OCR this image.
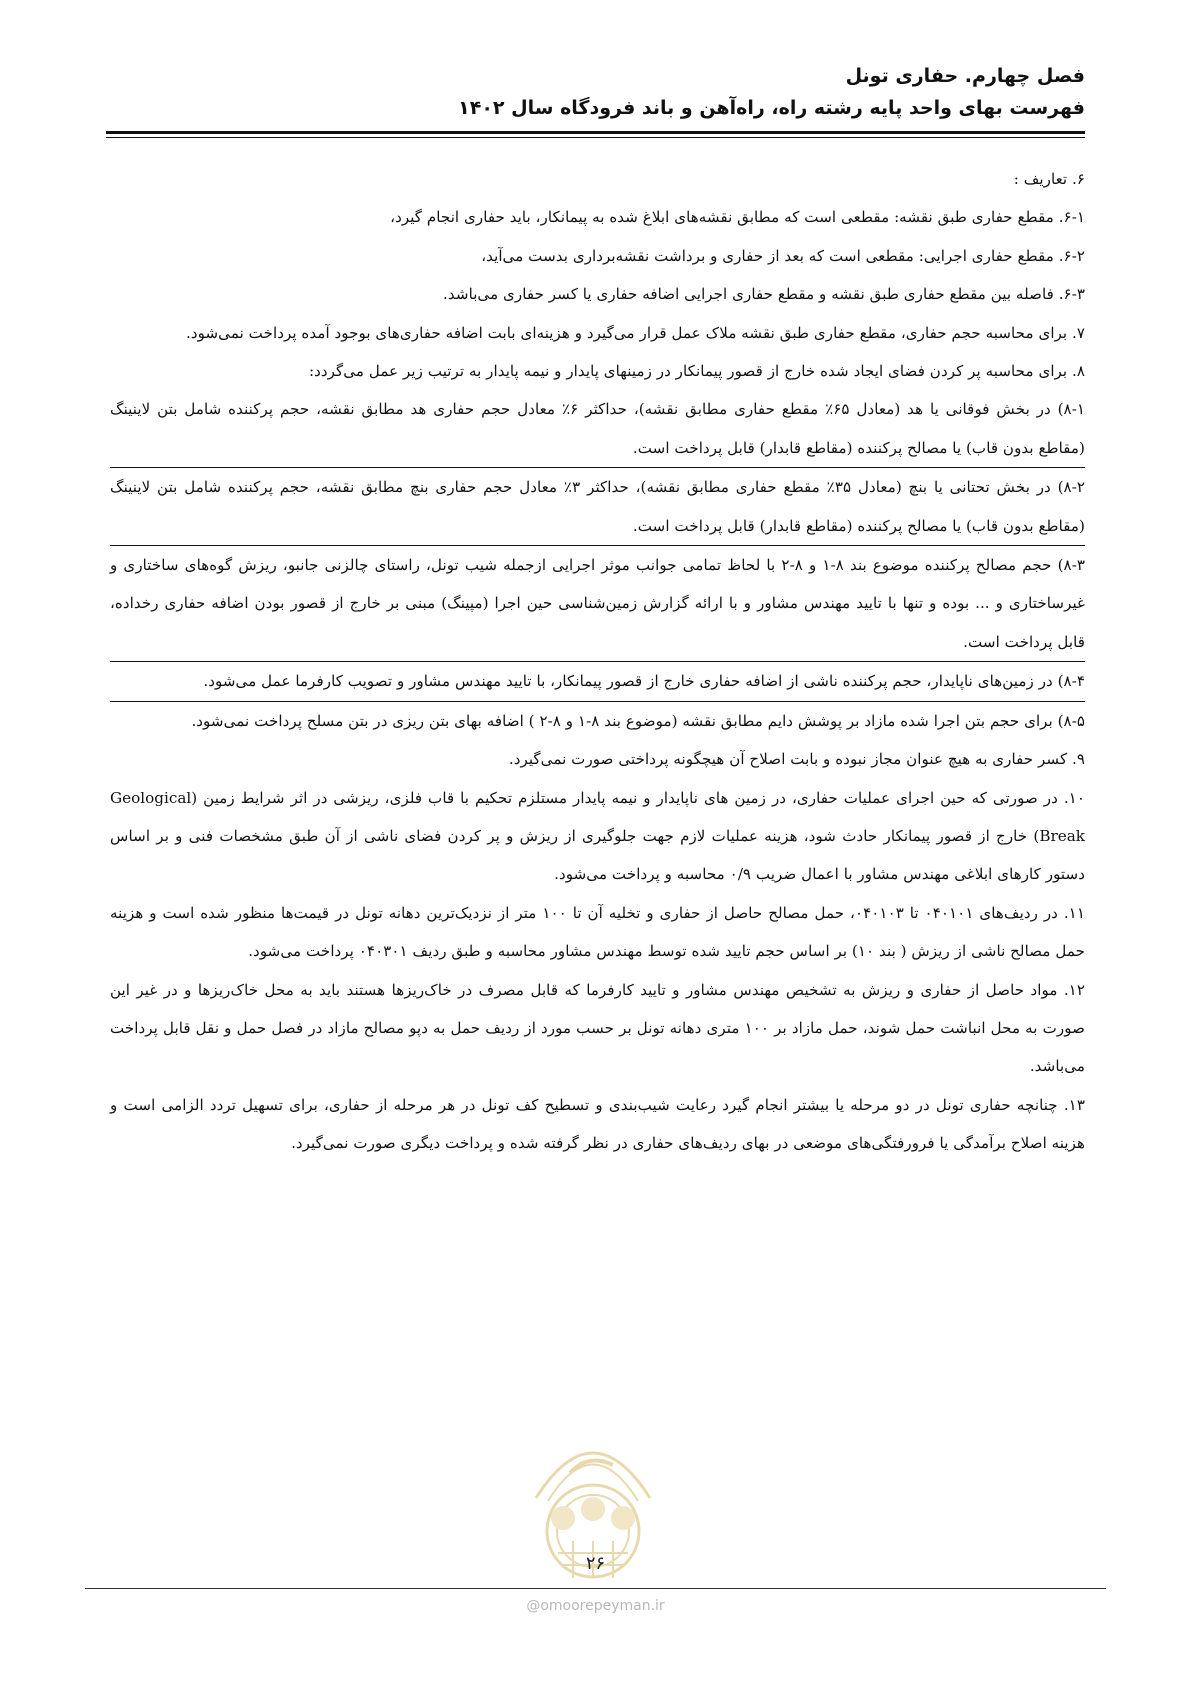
فصل چهارم. حفاری تونل

فهرست بهای واحد پایه رشته راه، راه‌آهن و باند فرودگاه سال ۱۴۰۲

۶. تعاریف :

۶-۱. مقطع حفاری طبق نقشه: مقطعی است که مطابق نقشه‌های ابلاغ شده به پیمانکار، باید حفاری انجام گیرد،

۶-۲. مقطع حفاری اجرایی: مقطعی است که بعد از حفاری و برداشت نقشه‌برداری بدست می‌آید،

۶-۳. فاصله بین مقطع حفاری طبق نقشه و مقطع حفاری اجرایی اضافه حفاری یا کسر حفاری می‌باشد.

۷. برای محاسبه حجم حفاری، مقطع حفاری طبق نقشه ملاک عمل قرار می‌گیرد و هزینه‌ای بابت اضافه حفاری‌های بوجود آمده پرداخت نمی‌شود.

۸. برای محاسبه پر کردن فضای ایجاد شده خارج از قصور پیمانکار در زمینهای پایدار و نیمه پایدار به ترتیب زیر عمل می‌گردد:

۸-۱) در بخش فوقانی یا هد (معادل ۶۵٪ مقطع حفاری مطابق نقشه)، حداکثر ۶٪ معادل حجم حفاری هد مطابق نقشه، حجم پرکننده شامل بتن لاینینگ (مقاطع بدون قاب) یا مصالح پرکننده (مقاطع قابدار) قابل پرداخت است.

۸-۲) در بخش تحتانی یا بنچ (معادل ۳۵٪ مقطع حفاری مطابق نقشه)، حداکثر ۳٪ معادل حجم حفاری بنچ مطابق نقشه، حجم پرکننده شامل بتن لاینینگ (مقاطع بدون قاب) یا مصالح پرکننده (مقاطع قابدار) قابل پرداخت است.

۸-۳) حجم مصالح پرکننده موضوع بند ۸-۱ و ۸-۲ با لحاظ تمامی جوانب موثر اجرایی ازجمله شیب تونل، راستای چالزنی جانبو، ریزش گوه‌های ساختاری و غیرساختاری و ... بوده و تنها با تایید مهندس مشاور و با ارائه گزارش زمین‌شناسی حین اجرا (مپینگ) مبنی بر خارج از قصور بودن اضافه حفاری رخداده، قابل پرداخت است.

۸-۴) در زمین‌های ناپایدار، حجم پرکننده ناشی از اضافه حفاری خارج از قصور پیمانکار، با تایید مهندس مشاور و تصویب کارفرما عمل می‌شود.

۸-۵) برای حجم بتن اجرا شده مازاد بر پوشش دایم مطابق نقشه (موضوع بند ۸-۱ و ۸-۲ ) اضافه بهای بتن ریزی در بتن مسلح پرداخت نمی‌شود.

۹. کسر حفاری به هیچ عنوان مجاز نبوده و بابت اصلاح آن هیچگونه پرداختی صورت نمی‌گیرد.

۱۰. در صورتی که حین اجرای عملیات حفاری، در زمین های ناپایدار و نیمه پایدار مستلزم تحکیم با قاب فلزی، ریزشی در اثر شرایط زمین (Geological Break) خارج از قصور پیمانکار حادث شود، هزینه عملیات لازم جهت جلوگیری از ریزش و پر کردن فضای ناشی از آن طبق مشخصات فنی و بر اساس دستور کارهای ابلاغی مهندس مشاور با اعمال ضریب ۰/۹ محاسبه و پرداخت می‌شود.

۱۱. در ردیف‌های ۰۴۰۱۰۱ تا ۰۴۰۱۰۳، حمل مصالح حاصل از حفاری و تخلیه آن تا ۱۰۰ متر از نزدیک‌ترین دهانه تونل در قیمت‌ها منظور شده است و هزینه حمل مصالح ناشی از ریزش ( بند ۱۰) بر اساس حجم تایید شده توسط مهندس مشاور محاسبه و طبق ردیف ۰۴۰۳۰۱ پرداخت می‌شود.

۱۲. مواد حاصل از حفاری و ریزش به تشخیص مهندس مشاور و تایید کارفرما که قابل مصرف در خاک‌ریزها هستند باید به محل خاک‌ریزها و در غیر این صورت به محل انباشت حمل شوند، حمل مازاد بر ۱۰۰ متری دهانه تونل بر حسب مورد از ردیف حمل به دپو مصالح مازاد در فصل حمل و نقل قابل پرداخت می‌باشد.

۱۳. چنانچه حفاری تونل در دو مرحله یا بیشتر انجام گیرد رعایت شیب‌بندی و تسطیح کف تونل در هر مرحله از حفاری، برای تسهیل تردد الزامی است و هزینه اصلاح برآمدگی یا فرورفتگی‌های موضعی در بهای ردیف‌های حفاری در نظر گرفته شده و پرداخت دیگری صورت نمی‌گیرد.

۲۶
@omoorepeyman.ir
